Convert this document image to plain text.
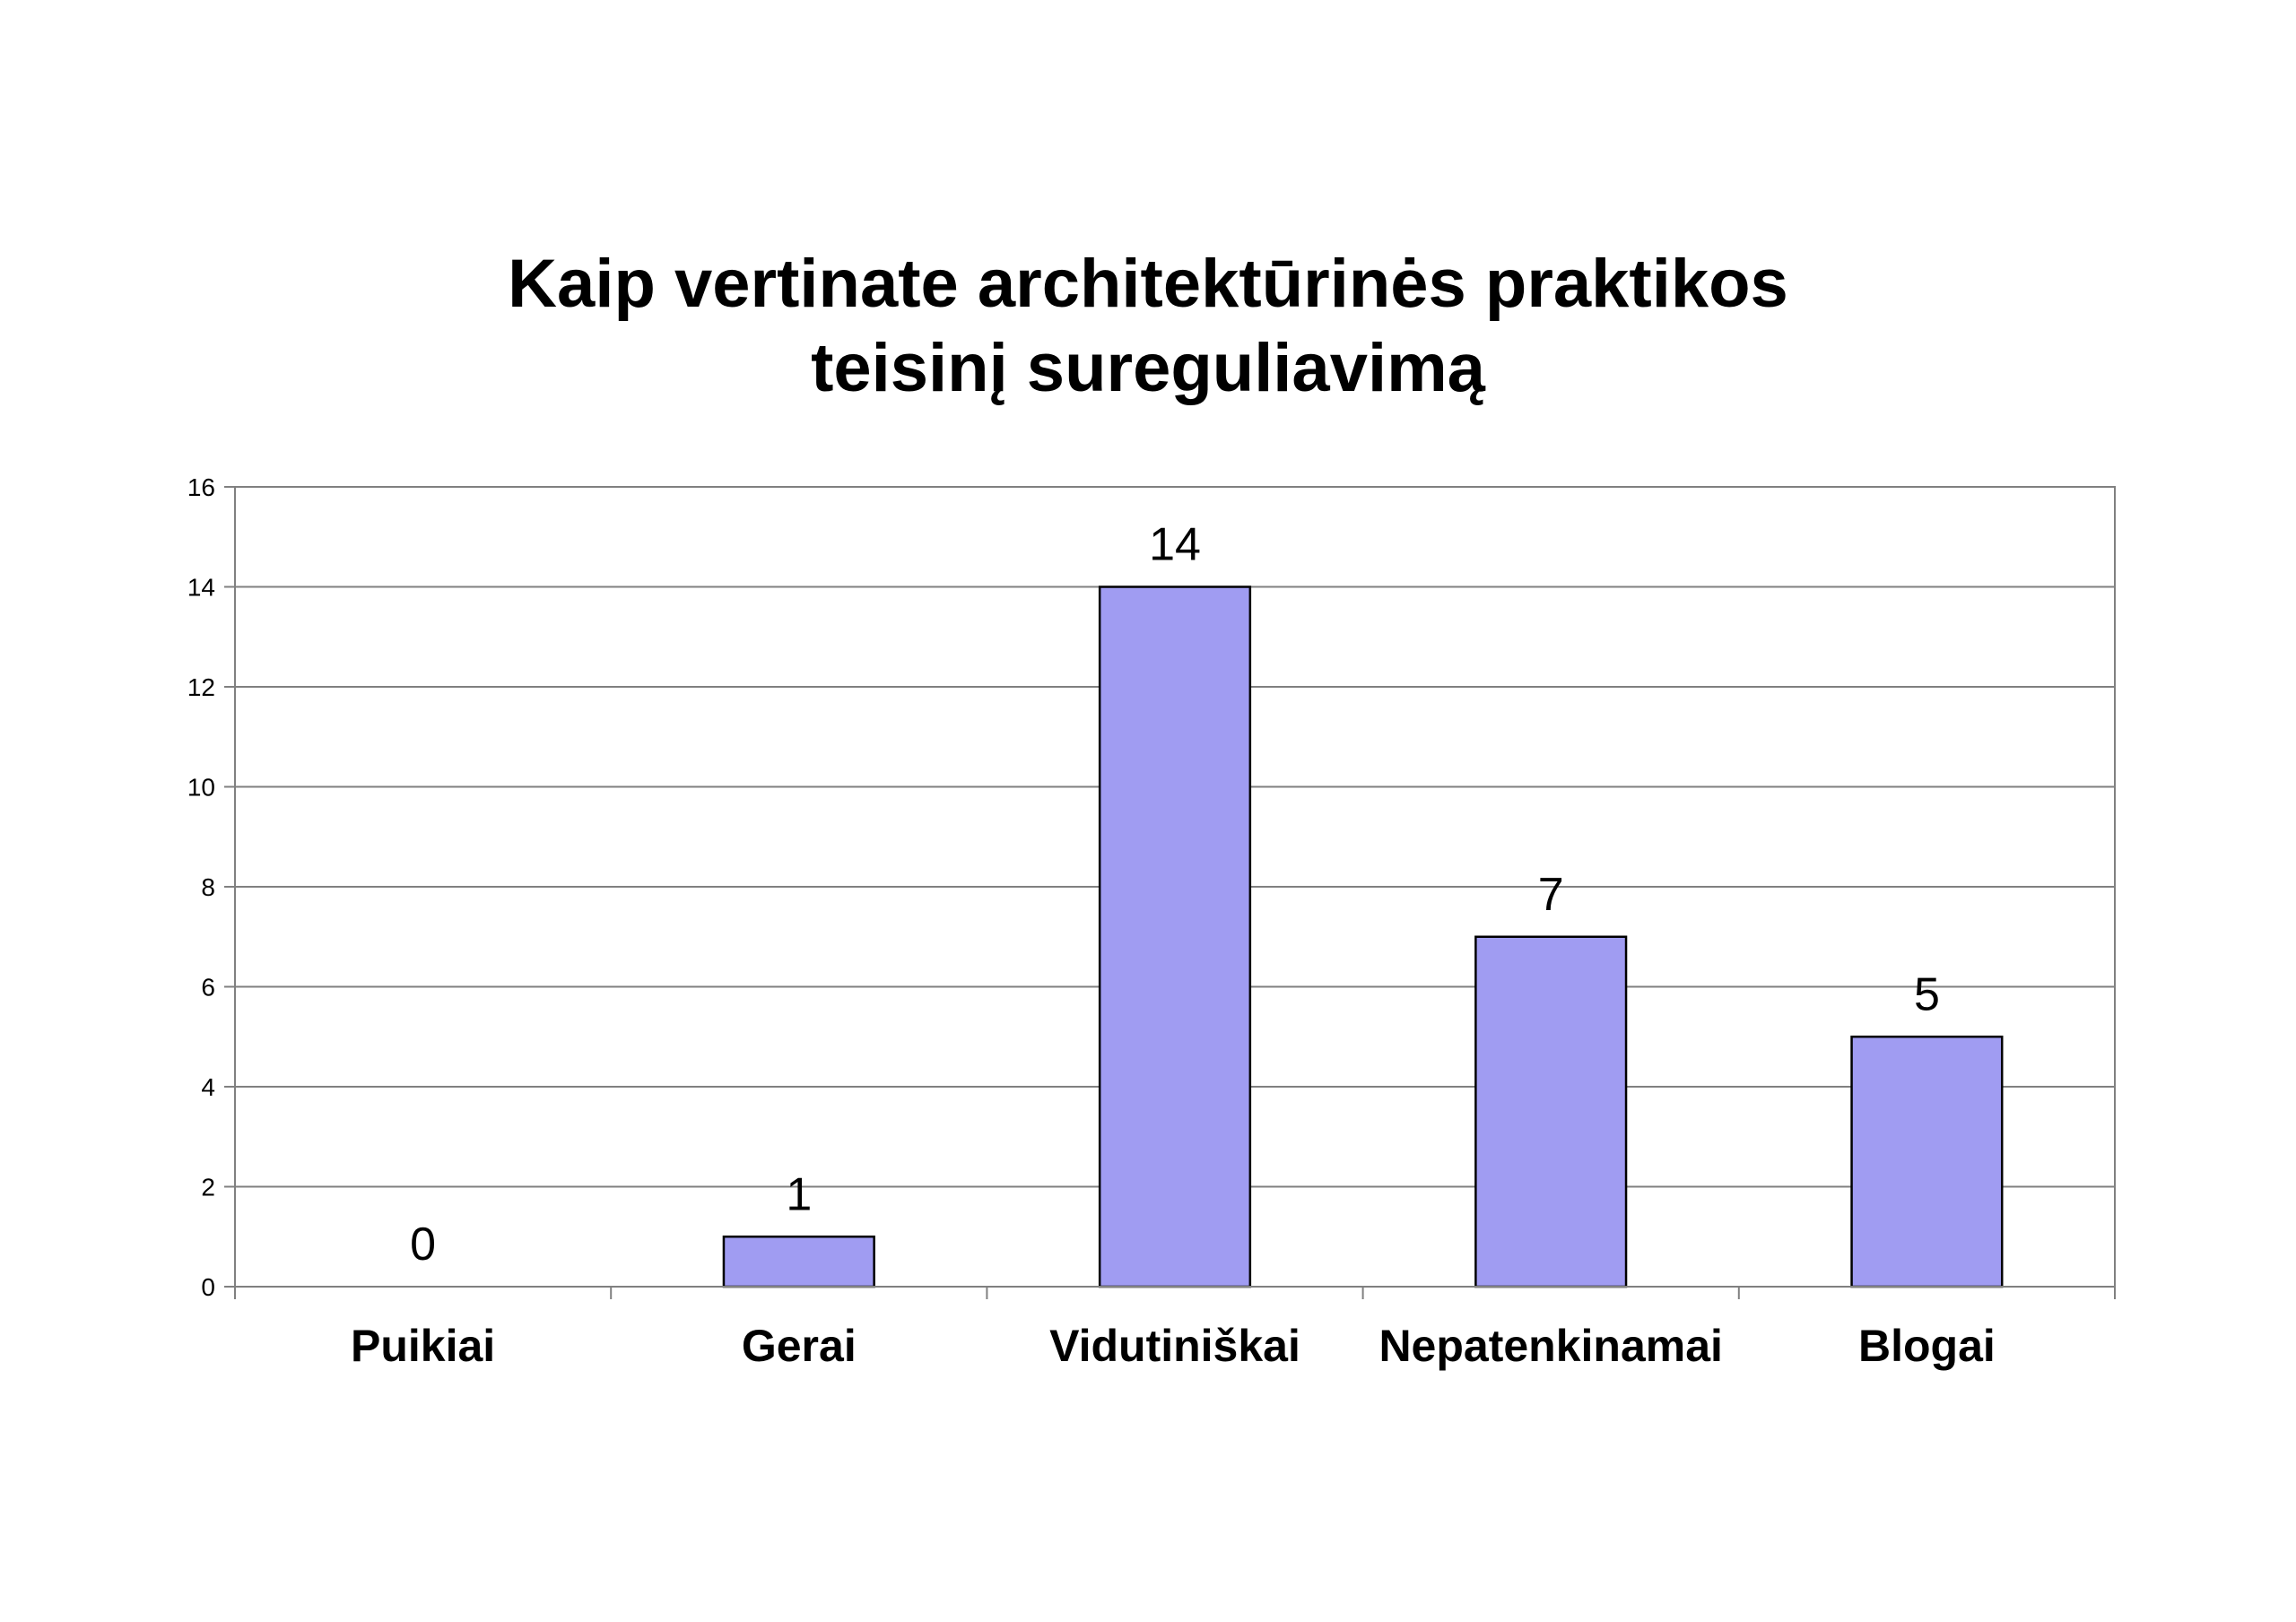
Kaip vertinate architektūrinės praktikos
teisinį sureguliavimą
0
2
4
6
8
10
12
14
16
Puikiai	Gerai	Vidutiniškai Nepatenkinamai	Blogai
0
1
14
7
5
